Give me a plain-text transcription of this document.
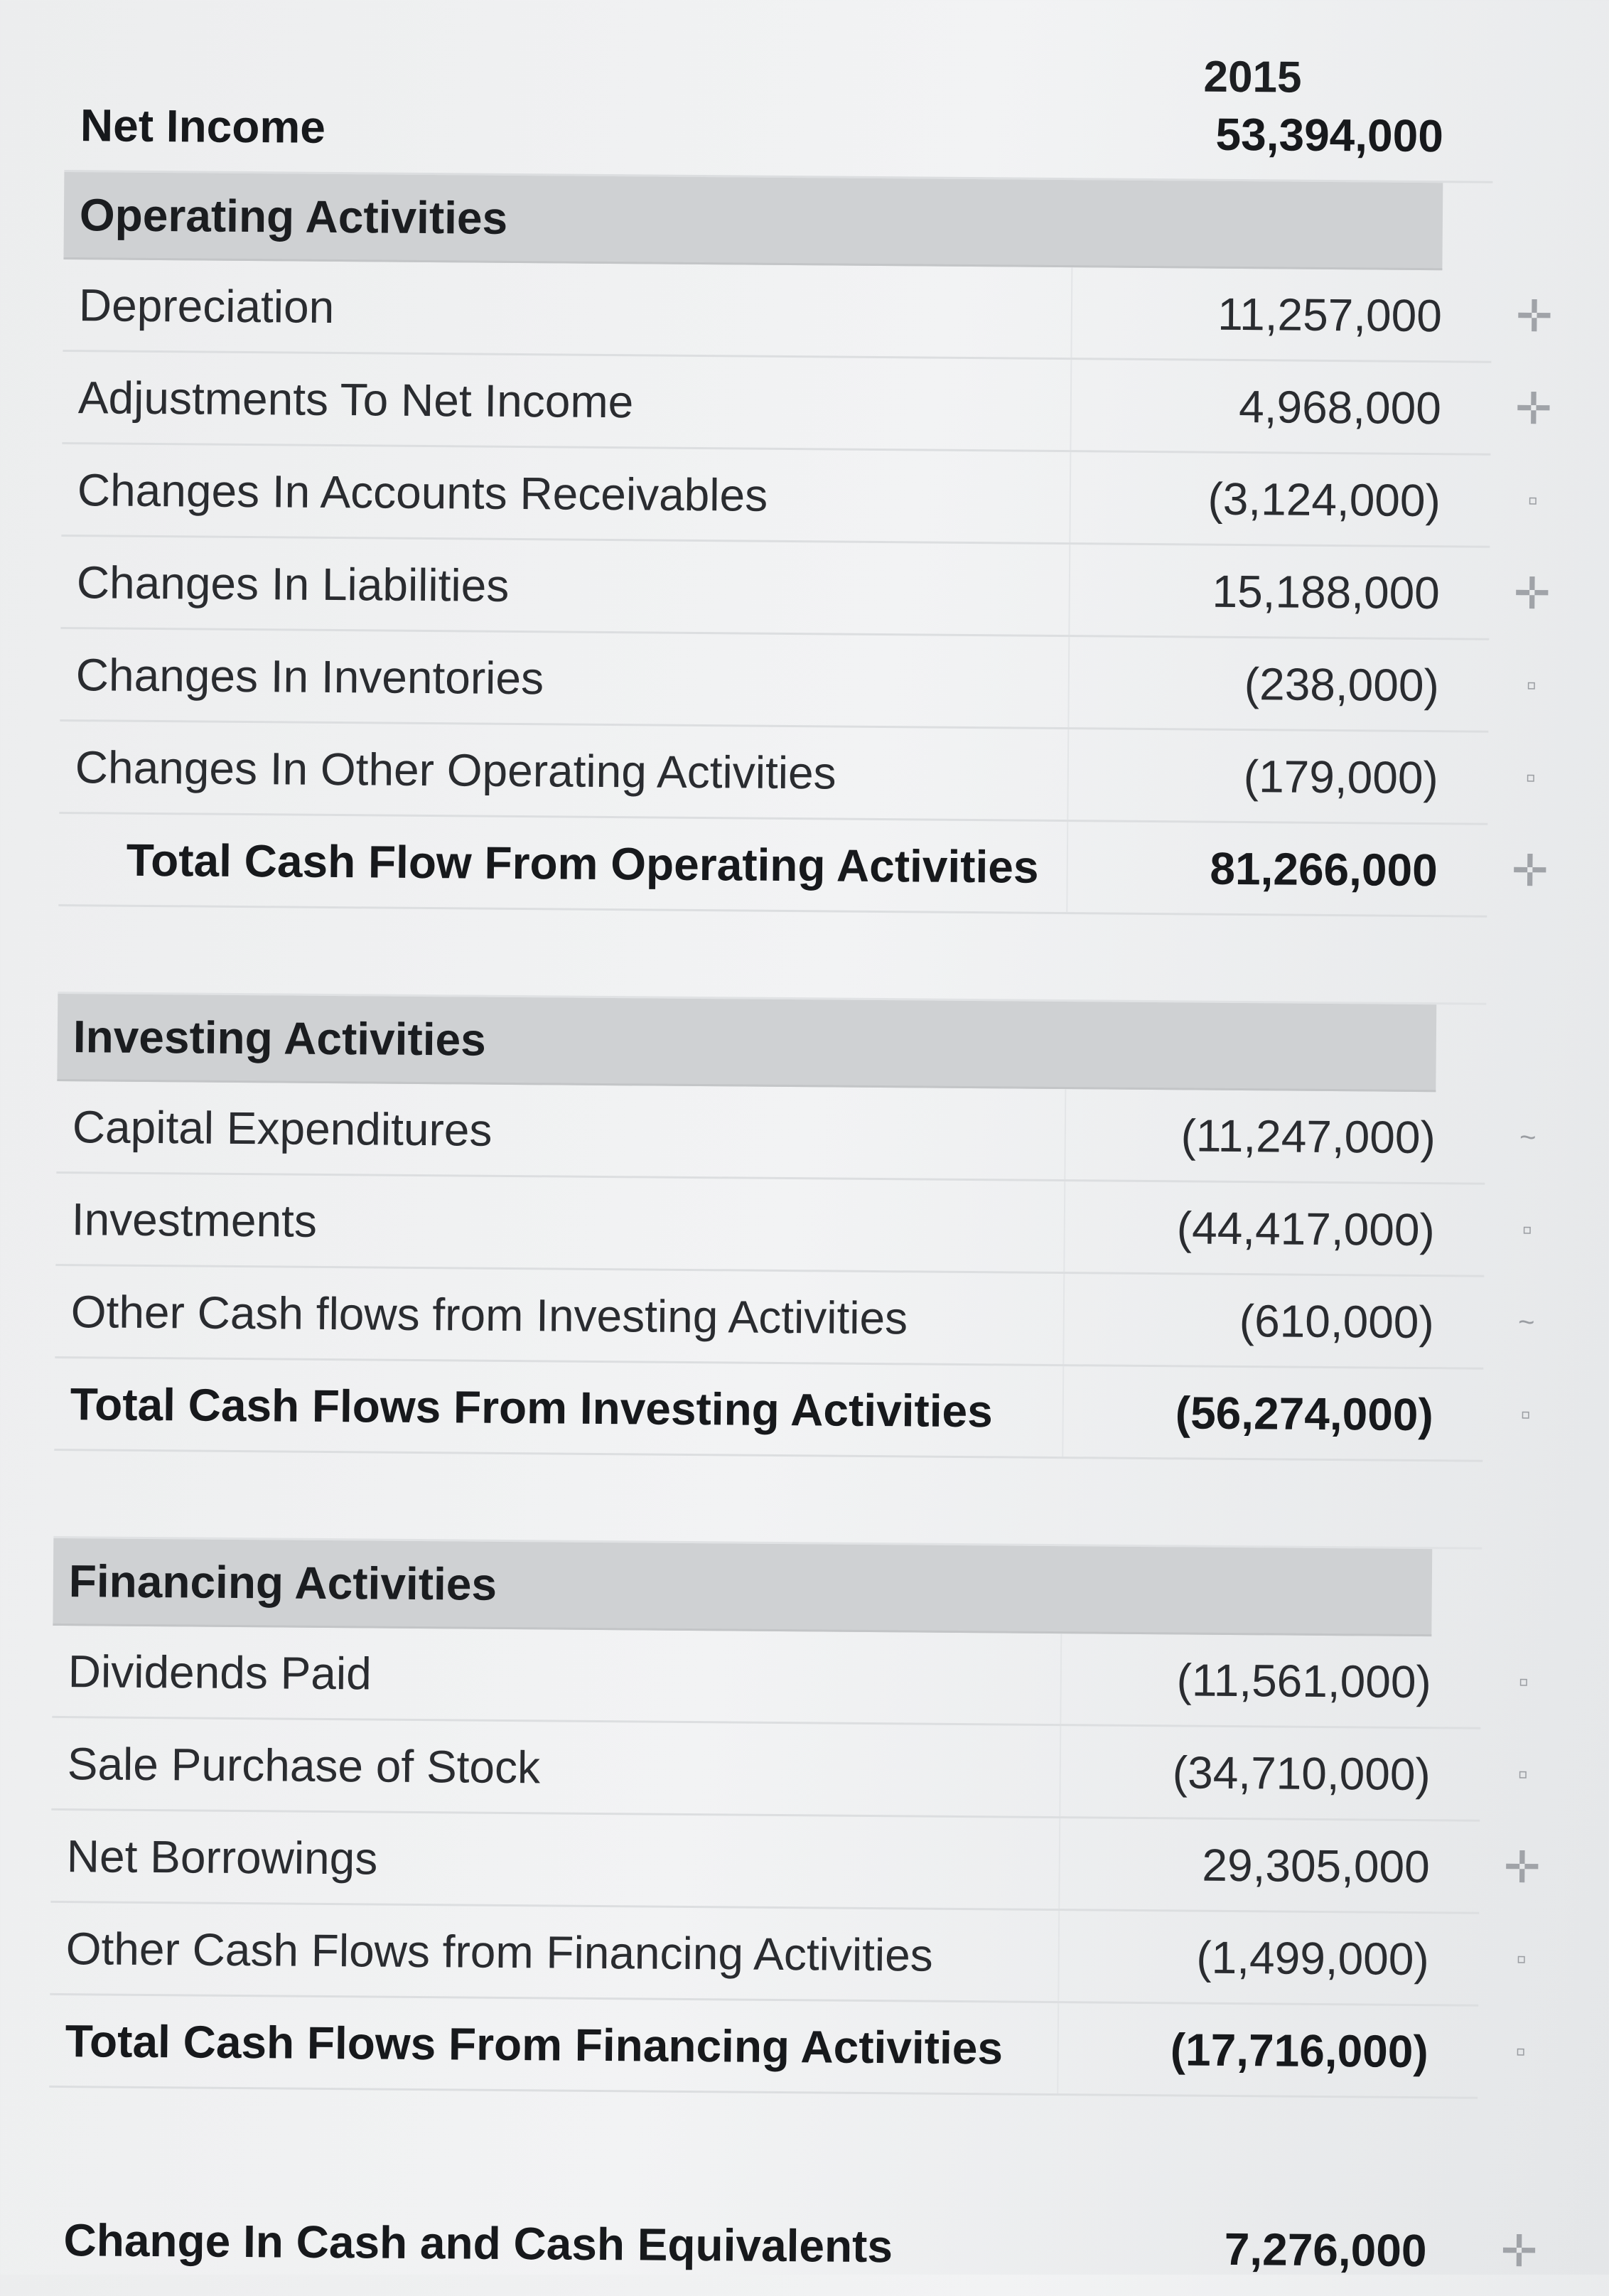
2015
Net Income	53,394,000
Operating Activities
Depreciation	11,257,000 ✛
Adjustments To Net Income	4,968,000 ✛
Changes In Accounts Receivables	(3,124,000)	▫
Changes In Liabilities	15,188,000 ✛
Changes In Inventories	(238,000)	▫
Changes In Other Operating Activities	(179,000)	▫
Total Cash Flow From Operating Activities	81,266,000 ✛
Investing Activities
Capital Expenditures	(11,247,000)	~
Investments	(44,417,000)	▫
Other Cash flows from Investing Activities	(610,000)	~
Total Cash Flows From Investing Activities	(56,274,000)	▫
Financing Activities
Dividends Paid	(11,561,000)	▫
Sale Purchase of Stock	(34,710,000)	▫
Net Borrowings	29,305,000 ✛
Other Cash Flows from Financing Activities	(1,499,000)	▫
Total Cash Flows From Financing Activities	(17,716,000)	▫
Change In Cash and Cash Equivalents	7,276,000 ✛
